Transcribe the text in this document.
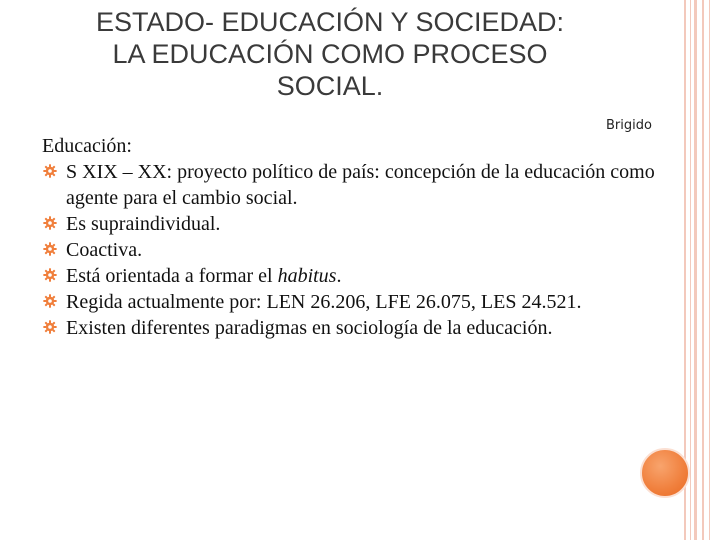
ESTADO- EDUCACIÓN Y SOCIEDAD:
LA EDUCACIÓN COMO PROCESO
SOCIAL.
Brigido

Educación:

S XIX – XX: proyecto político de país: concepción de la educación como agente para el cambio social.
Es supraindividual.
Coactiva.
Está orientada a formar el habitus.
Regida actualmente por: LEN 26.206, LFE 26.075, LES 24.521.
Existen diferentes paradigmas en sociología de la educación.
